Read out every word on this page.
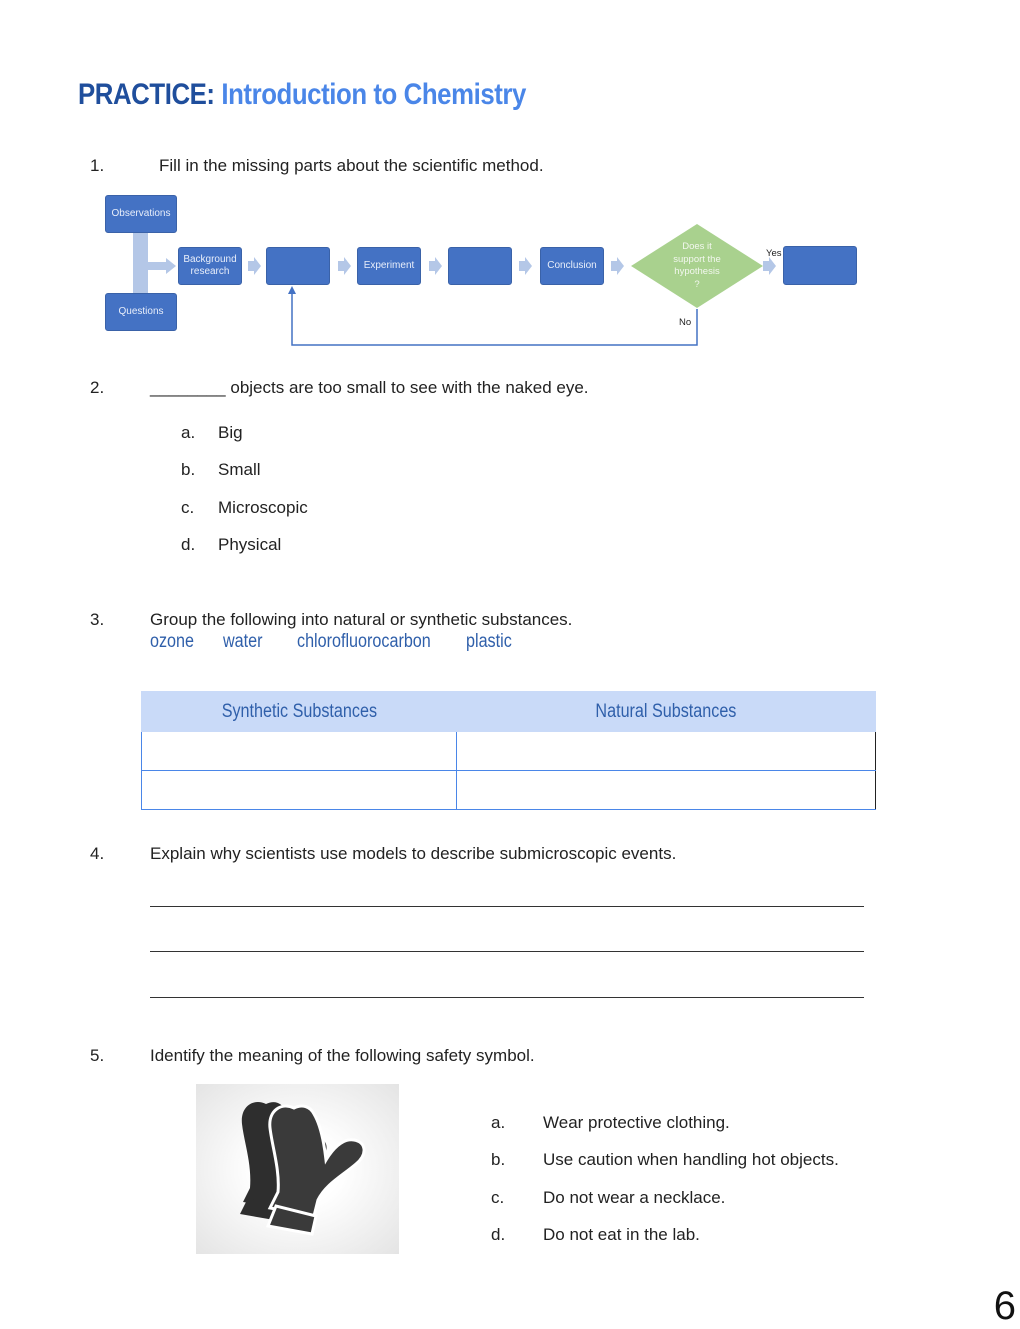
PRACTICE: Introduction to Chemistry
1.	Fill in the missing parts about the scientific method.
Observations
Questions
Background
research
Experiment	Conclusion
Does it
support the
hypothesis
?
Yes
No
2.	________ objects are too small to see with the naked eye.
a. Big
b. Small
c. Microscopic
d. Physical
3.	Group the following into natural or synthetic substances.
ozone water chlorofluorocarbon plastic
Synthetic Substances	Natural Substances

4.	Explain why scientists use models to describe submicroscopic events.
5.	Identify the meaning of the following safety symbol.
a. Wear protective clothing.
b. Use caution when handling hot objects.
c. Do not wear a necklace.
d. Do not eat in the lab.
6
